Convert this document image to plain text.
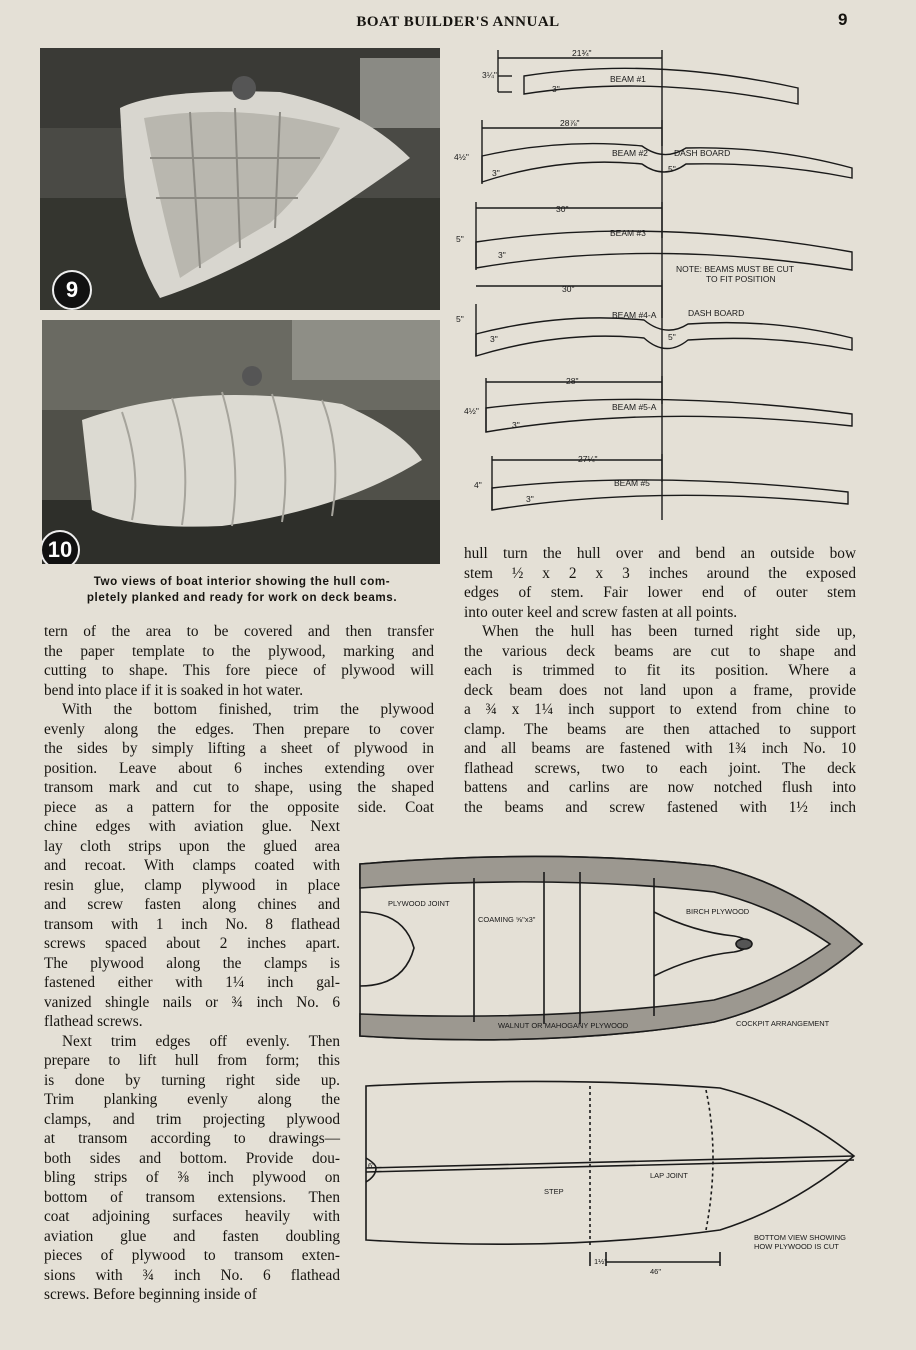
BOAT BUILDER'S ANNUAL	9
9
10
Two views of boat interior showing the hull com-
pletely planked and ready for work on deck beams.
21¾"
3¼"
3"
BEAM #1
28⅞"
4½"
3"
BEAM #2	DASH BOARD
5"
30"
5"
3"
BEAM #3
NOTE: BEAMS MUST BE CUT
TO FIT POSITION
30"
5"
3"
BEAM #4-A	DASH BOARD
5"
28"
4½"
3"
BEAM #5-A
27¼"
4"
3"
BEAM #5

tern of the area to be covered and then transfer
the paper template to the plywood, marking and
cutting to shape. This fore piece of plywood will
bend into place if it is soaked in hot water.

With the bottom finished, trim the plywood
evenly along the edges. Then prepare to cover
the sides by simply lifting a sheet of plywood in
position. Leave about 6 inches extending over
transom mark and cut to shape, using the shaped
piece as a pattern for the opposite side. Coat

chine edges with aviation glue. Next
lay cloth strips upon the glued area
and recoat. With clamps coated with
resin glue, clamp plywood in place
and screw fasten along chines and
transom with 1 inch No. 8 flathead
screws spaced about 2 inches apart.
The plywood along the clamps is
fastened either with 1¼ inch gal-
vanized shingle nails or ¾ inch No. 6
flathead screws.

Next trim edges off evenly. Then
prepare to lift hull from form; this
is done by turning right side up.
Trim planking evenly along the
clamps, and trim projecting plywood
at transom according to drawings—
both sides and bottom. Provide dou-
bling strips of ⅜ inch plywood on
bottom of transom extensions. Then
coat adjoining surfaces heavily with
aviation glue and fasten doubling
pieces of plywood to transom exten-
sions with ¾ inch No. 6 flathead
screws. Before beginning inside of

hull turn the hull over and bend an outside bow
stem ½ x 2 x 3 inches around the exposed
edges of stem. Fair lower end of outer stem
into outer keel and screw fasten at all points.

When the hull has been turned right side up,
the various deck beams are cut to shape and
each is trimmed to fit its position. Where a
deck beam does not land upon a frame, provide
a ¾ x 1¼ inch support to extend from chine to
clamp. The beams are then attached to support
and all beams are fastened with 1¾ inch No. 10
flathead screws, two to each joint. The deck
battens and carlins are now notched flush into
the beams and screw fastened with 1½ inch

PLYWOOD JOINT
COAMING ⅝"x3"
BIRCH PLYWOOD
WALNUT OR MAHOGANY PLYWOOD	COCKPIT ARRANGEMENT
6"
LAP JOINT
STEP
1½"
46"
BOTTOM VIEW SHOWING
HOW PLYWOOD IS CUT
